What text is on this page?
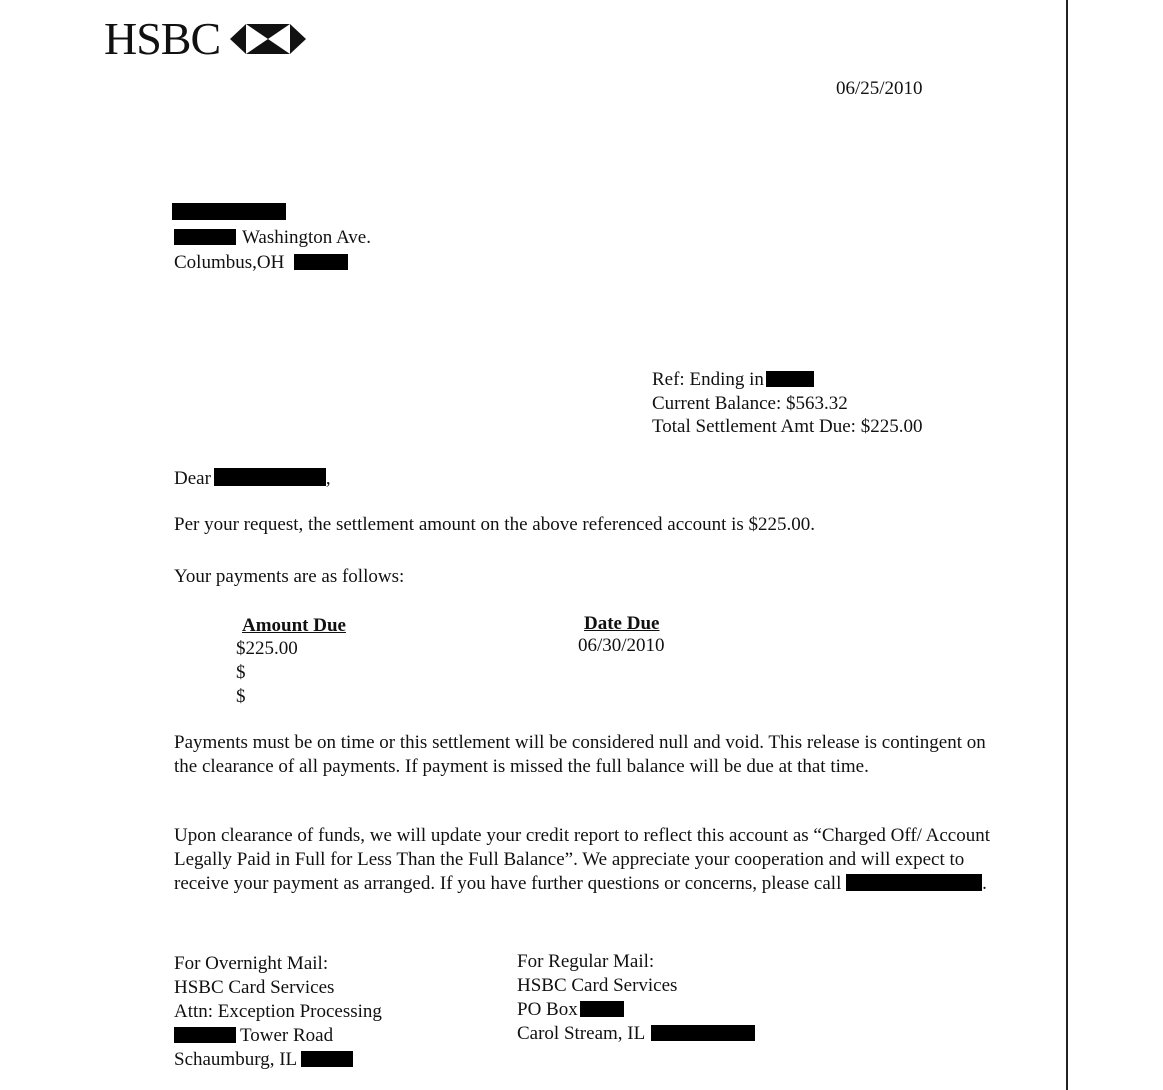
HSBC
06/25/2010
Washington Ave.
Columbus,OH
Ref: Ending in
Current Balance: $563.32
Total Settlement Amt Due: $225.00
Dear	,
Per your request, the settlement amount on the above referenced account is $225.00.
Your payments are as follows:
Amount Due	Date Due
$225.00	06/30/2010
$
$
Payments must be on time or this settlement will be considered null and void. This release is contingent on the clearance of all payments. If payment is missed the full balance will be due at that time.
Upon clearance of funds, we will update your credit report to reflect this account as “Charged Off/ Account Legally Paid in Full for Less Than the Full Balance”. We appreciate your cooperation and will expect to receive your payment as arranged. If you have further questions or concerns, please call	.
For Overnight Mail:
HSBC Card Services
Attn: Exception Processing
Tower Road
Schaumburg, IL
For Regular Mail:
HSBC Card Services
PO Box
Carol Stream, IL
